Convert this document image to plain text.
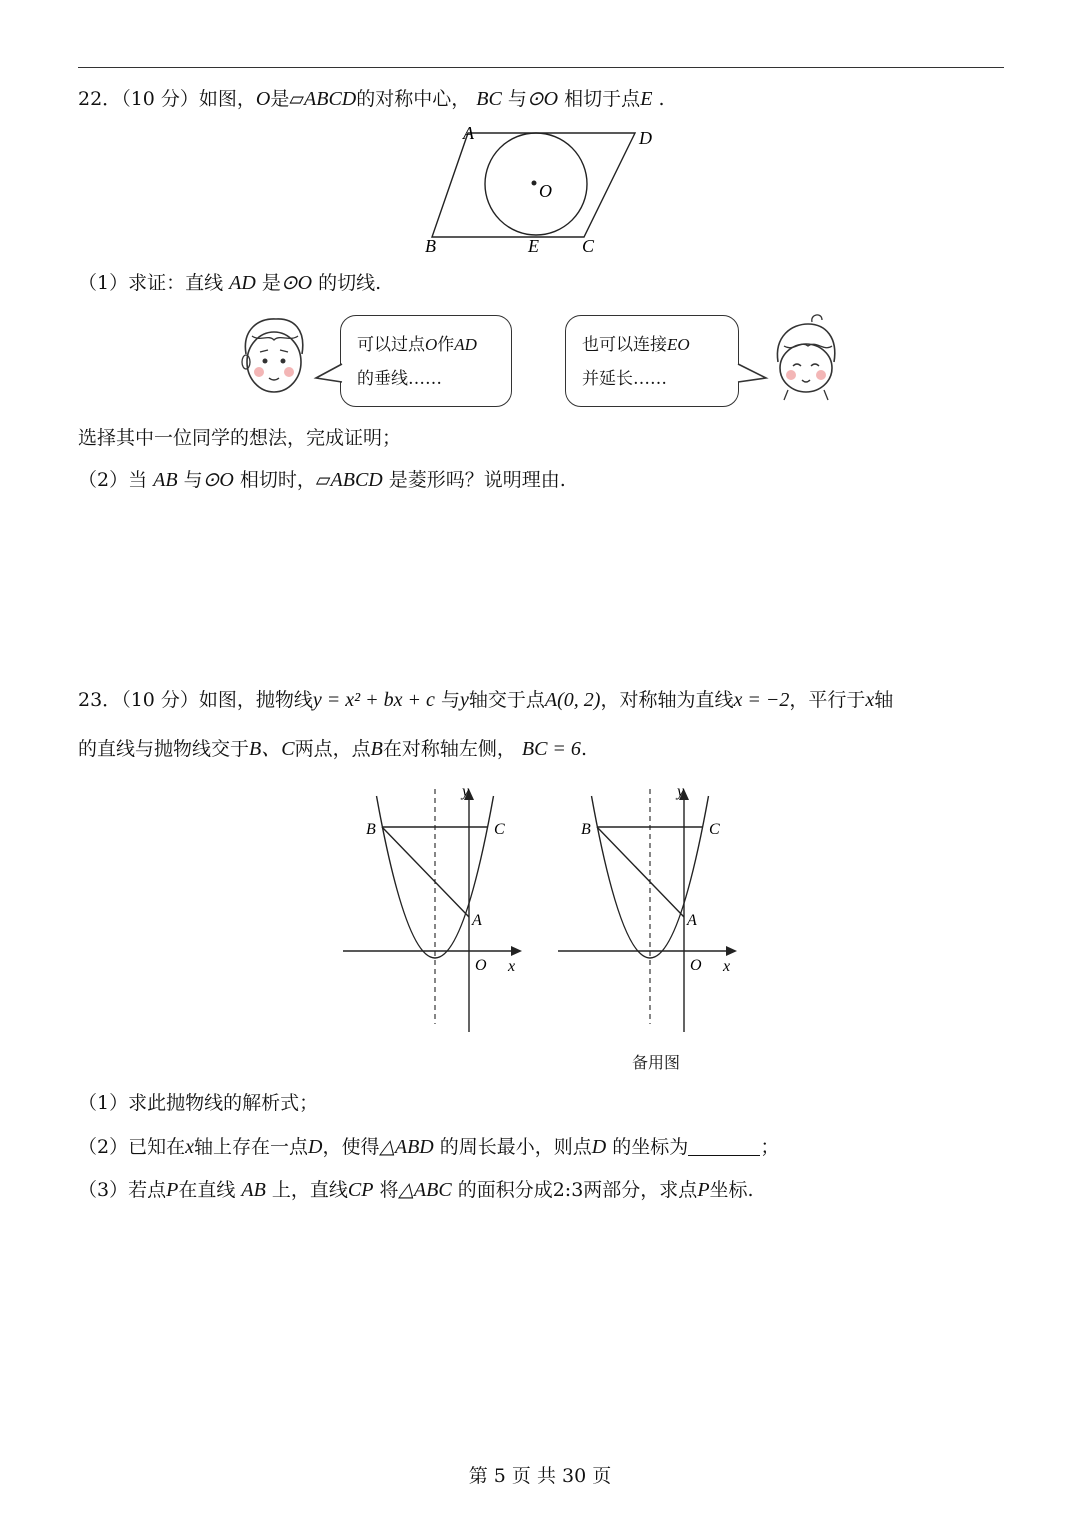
22．（10 分）如图，O是▱ABCD的对称中心， BC 与⊙O 相切于点E .
A	D
B	E C
O
（1）求证：直线 AD 是⊙O 的切线.
可以过点O作AD
的垂线……
也可以连接EO
并延长……
选择其中一位同学的想法，完成证明；
（2）当 AB 与⊙O 相切时，▱ABCD 是菱形吗？说明理由.
23．（10 分）如图，抛物线y = x² + bx + c 与y轴交于点A(0, 2)，对称轴为直线x = −2，平行于x轴
的直线与抛物线交于B、C两点，点B在对称轴左侧， BC = 6.
y
x
O
A
B	C
y
x
O
A
B	C
备用图
（1）求此抛物线的解析式；
（2）已知在x轴上存在一点D，使得△ABD 的周长最小，则点D 的坐标为	；
（3）若点P在直线 AB 上，直线CP 将△ABC 的面积分成2:3两部分，求点P坐标.
第 5 页 共 30 页
